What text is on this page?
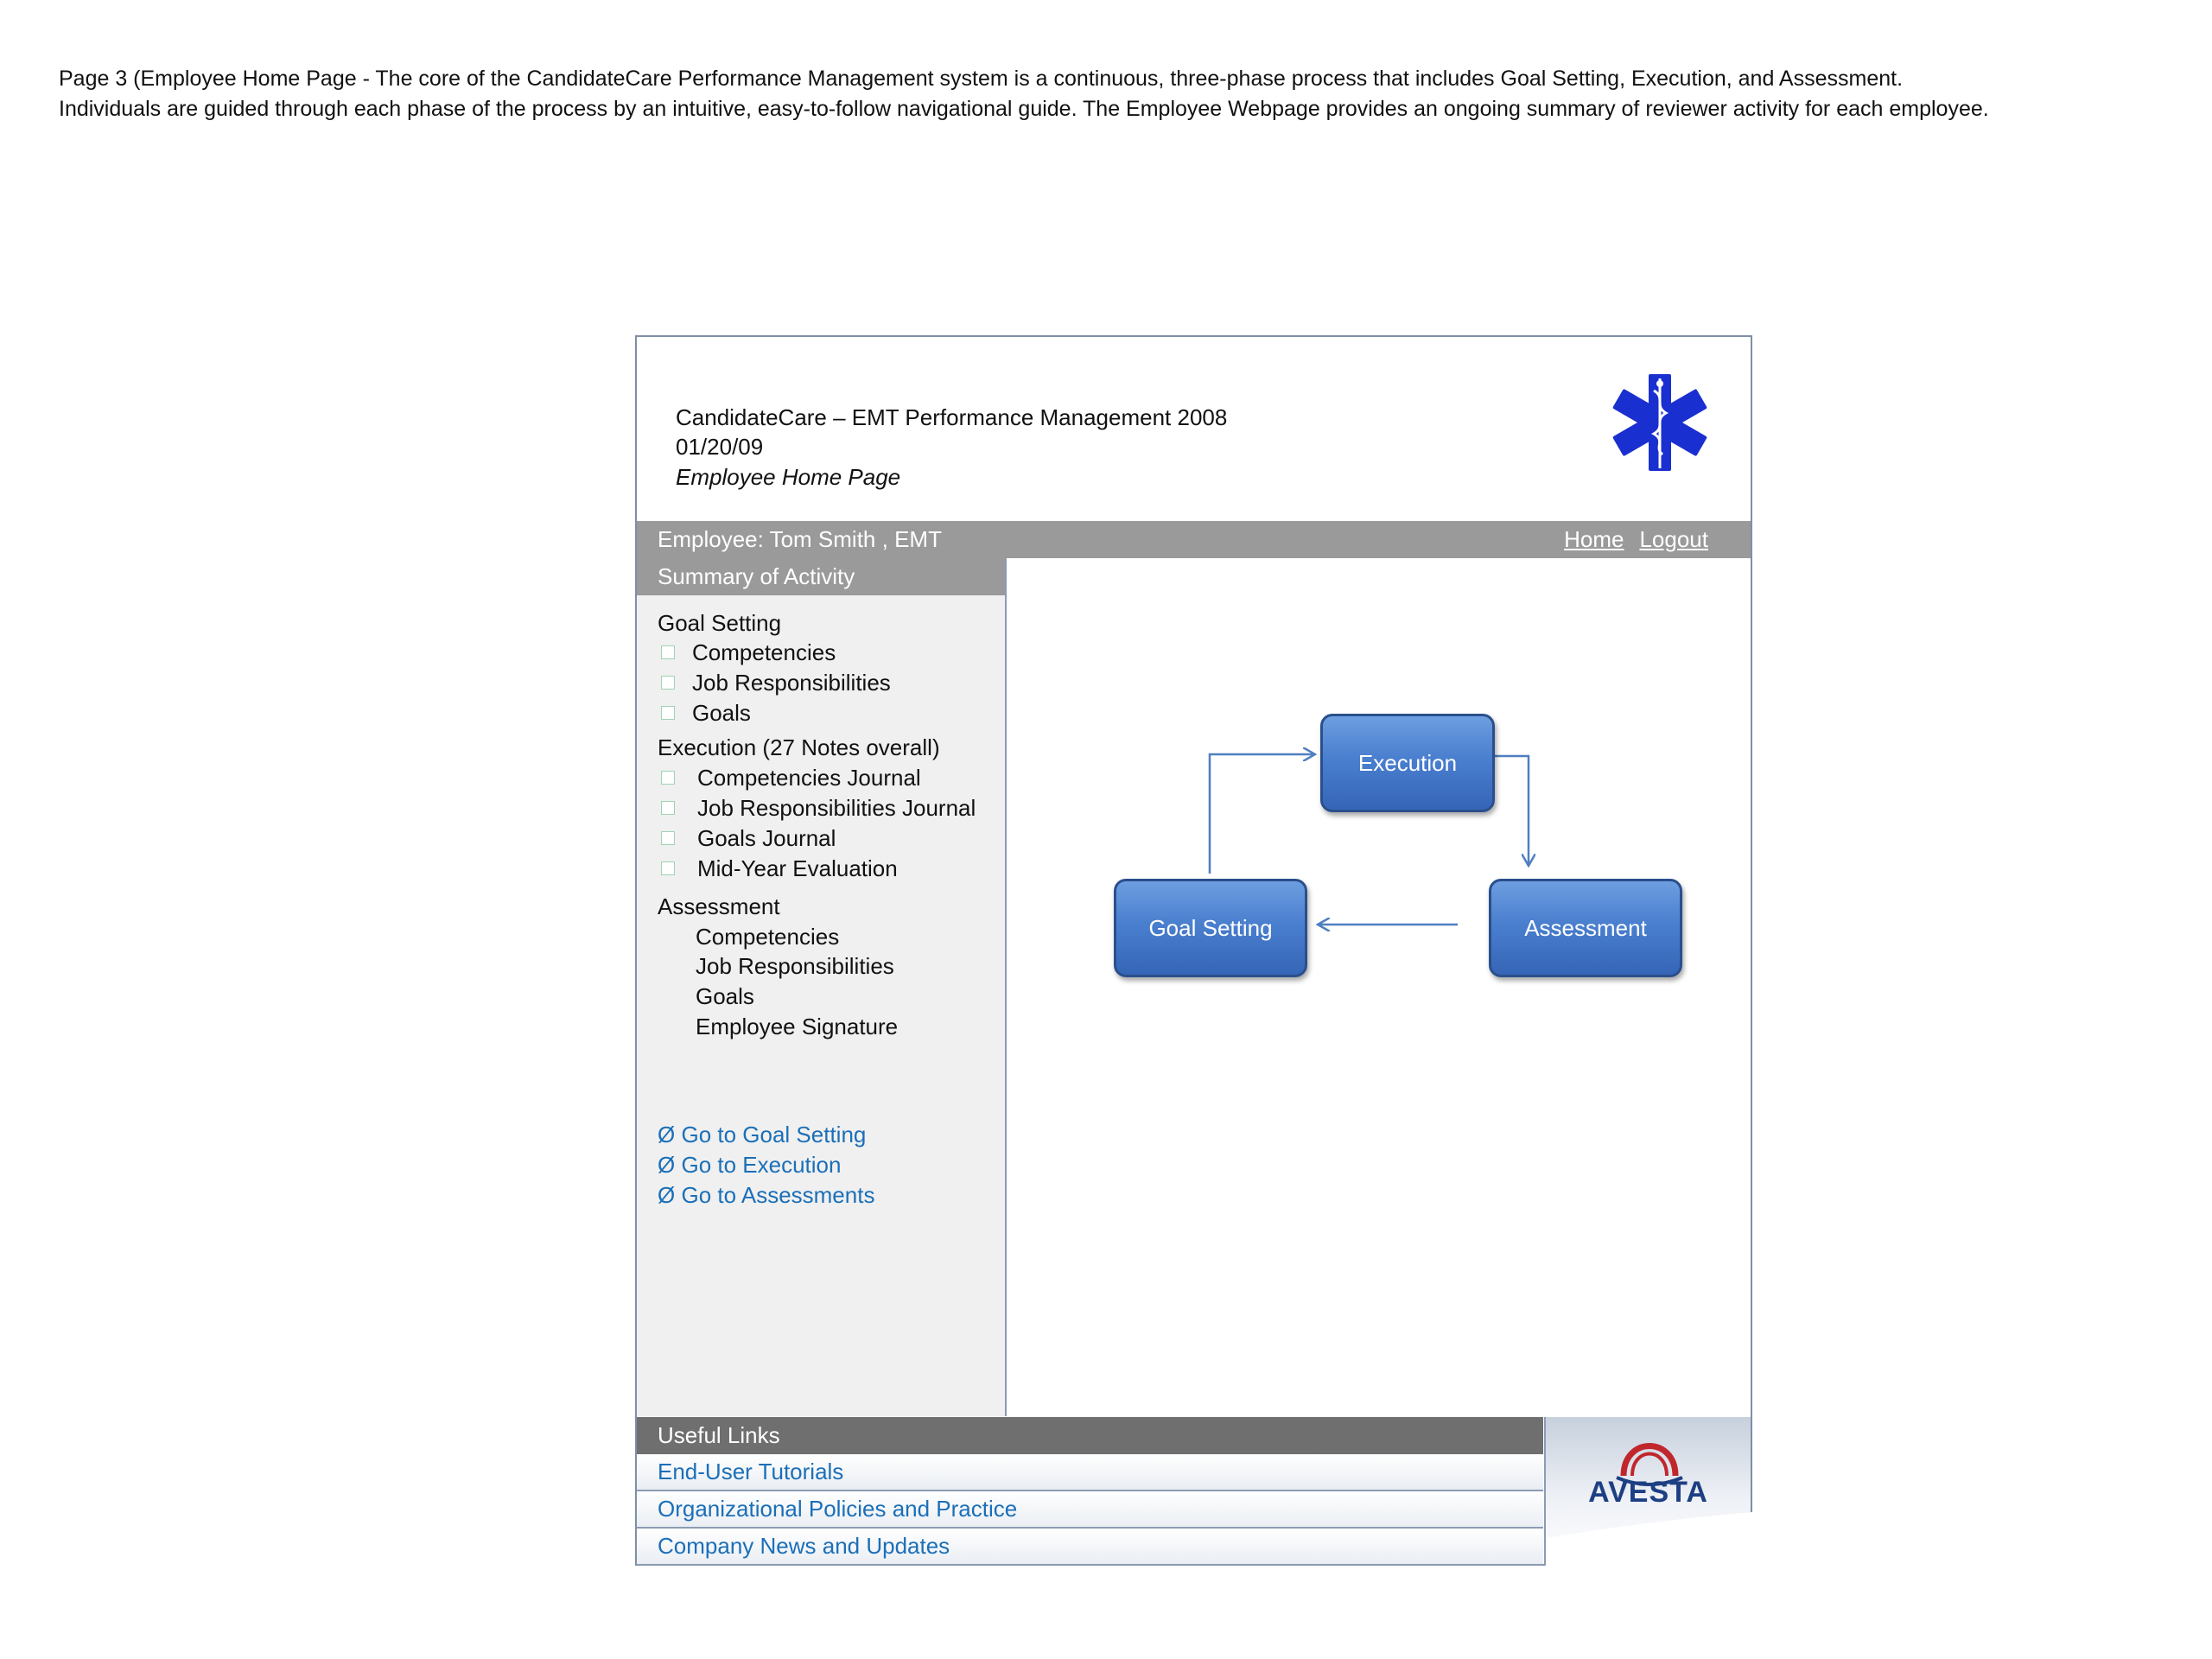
Page 3 (Employee Home Page - The core of the CandidateCare Performance Management system is a continuous, three-phase process that includes Goal Setting, Execution, and Assessment.
Individuals are guided through each phase of the process by an intuitive, easy-to-follow navigational guide. The Employee Webpage provides an ongoing summary of reviewer activity for each employee.
CandidateCare – EMT Performance Management 2008
01/20/09
Employee Home Page
Employee: Tom Smith , EMT	Home Logout
Summary of Activity
Goal Setting
Competencies
Job Responsibilities
Goals
Execution (27 Notes overall)
Competencies Journal
Job Responsibilities Journal
Goals Journal
Mid-Year Evaluation
Assessment
Competencies
Job Responsibilities
Goals
Employee Signature
Ø Go to Goal Setting
Ø Go to Execution
Ø Go to Assessments
Execution
Goal Setting	Assessment
Useful Links
End-User Tutorials
Organizational Policies and Practice
Company News and Updates
AVESTA
